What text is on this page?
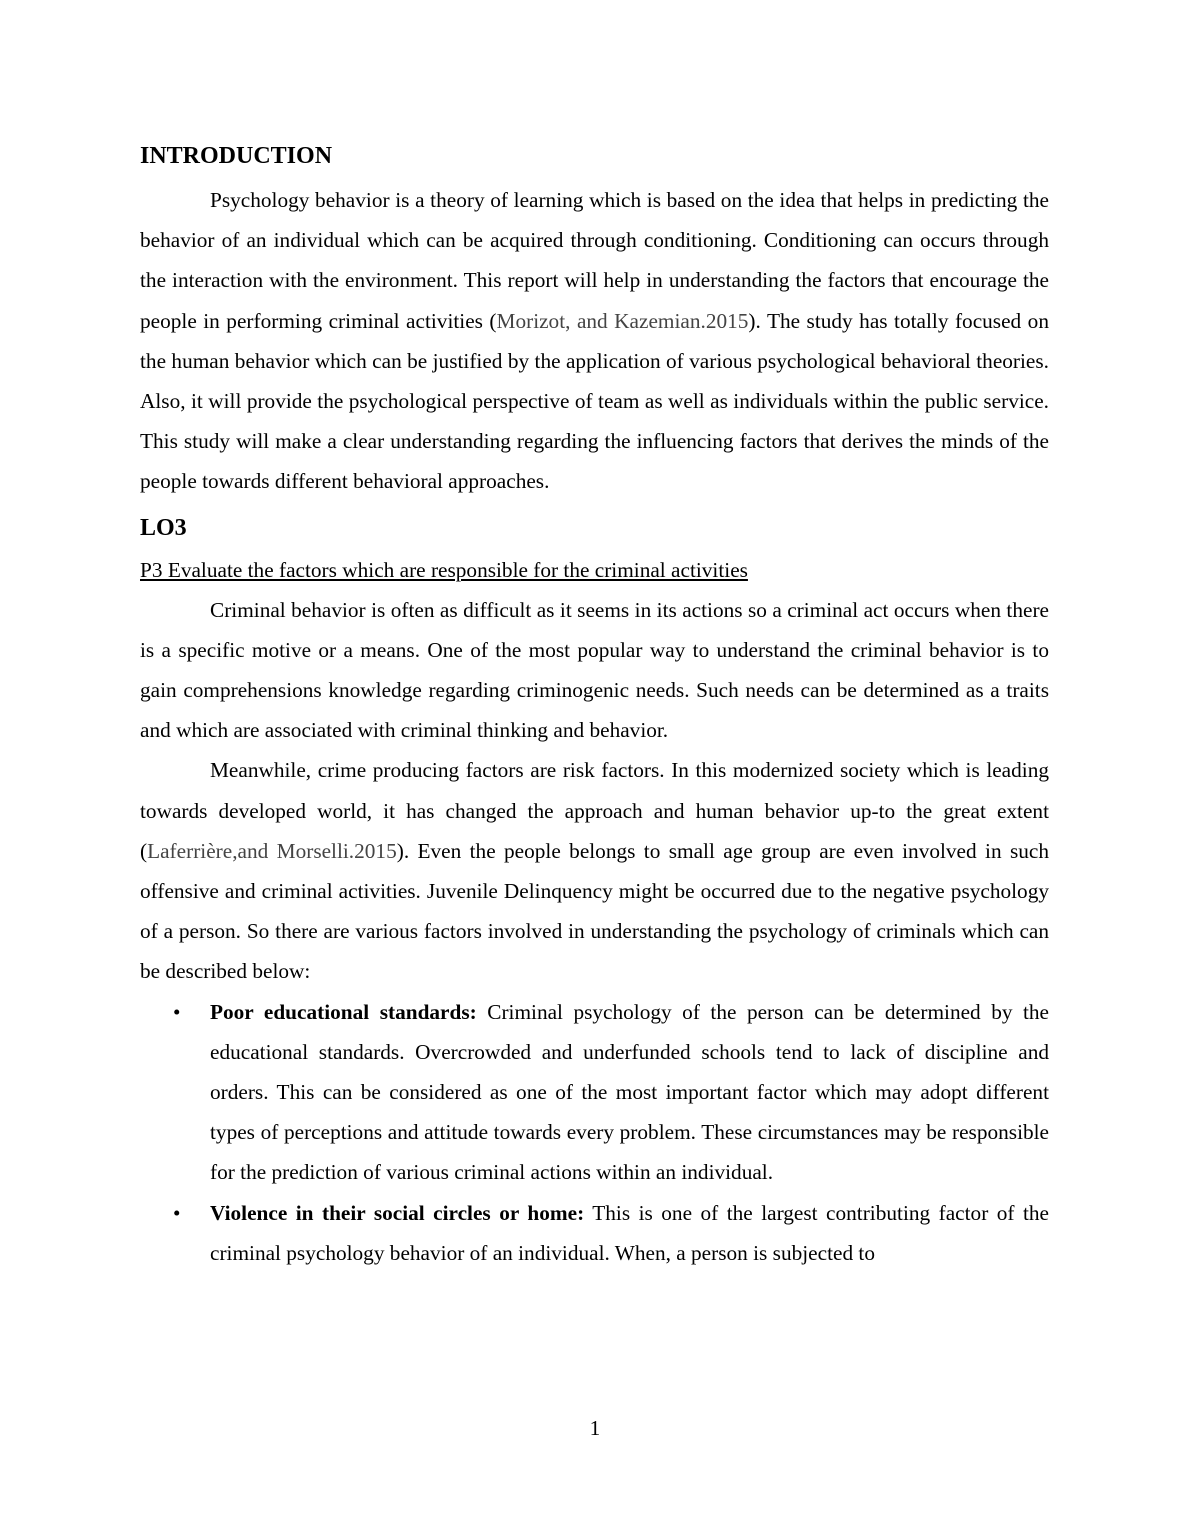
INTRODUCTION

Psychology behavior is a theory of learning which is based on the idea that helps in predicting the behavior of an individual which can be acquired through conditioning. Conditioning can occurs through the interaction with the environment. This report will help in understanding the factors that encourage the people in performing criminal activities (Morizot, and Kazemian.2015). The study has totally focused on the human behavior which can be justified by the application of various psychological behavioral theories. Also, it will provide the psychological perspective of team as well as individuals within the public service. This study will make a clear understanding regarding the influencing factors that derives the minds of the people towards different behavioral approaches.

LO3

P3 Evaluate the factors which are responsible for the criminal activities

Criminal behavior is often as difficult as it seems in its actions so a criminal act occurs when there is a specific motive or a means. One of the most popular way to understand the criminal behavior is to gain comprehensions knowledge regarding criminogenic needs. Such needs can be determined as a traits and which are associated with criminal thinking and behavior.

Meanwhile, crime producing factors are risk factors. In this modernized society which is leading towards developed world, it has changed the approach and human behavior up-to the great extent (Laferrière,and Morselli.2015). Even the people belongs to small age group are even involved in such offensive and criminal activities. Juvenile Delinquency might be occurred due to the negative psychology of a person. So there are various factors involved in understanding the psychology of criminals which can be described below:

• Poor educational standards: Criminal psychology of the person can be determined by the educational standards. Overcrowded and underfunded schools tend to lack of discipline and orders. This can be considered as one of the most important factor which may adopt different types of perceptions and attitude towards every problem. These circumstances may be responsible for the prediction of various criminal actions within an individual.

• Violence in their social circles or home: This is one of the largest contributing factor of the criminal psychology behavior of an individual. When, a person is subjected to

1
